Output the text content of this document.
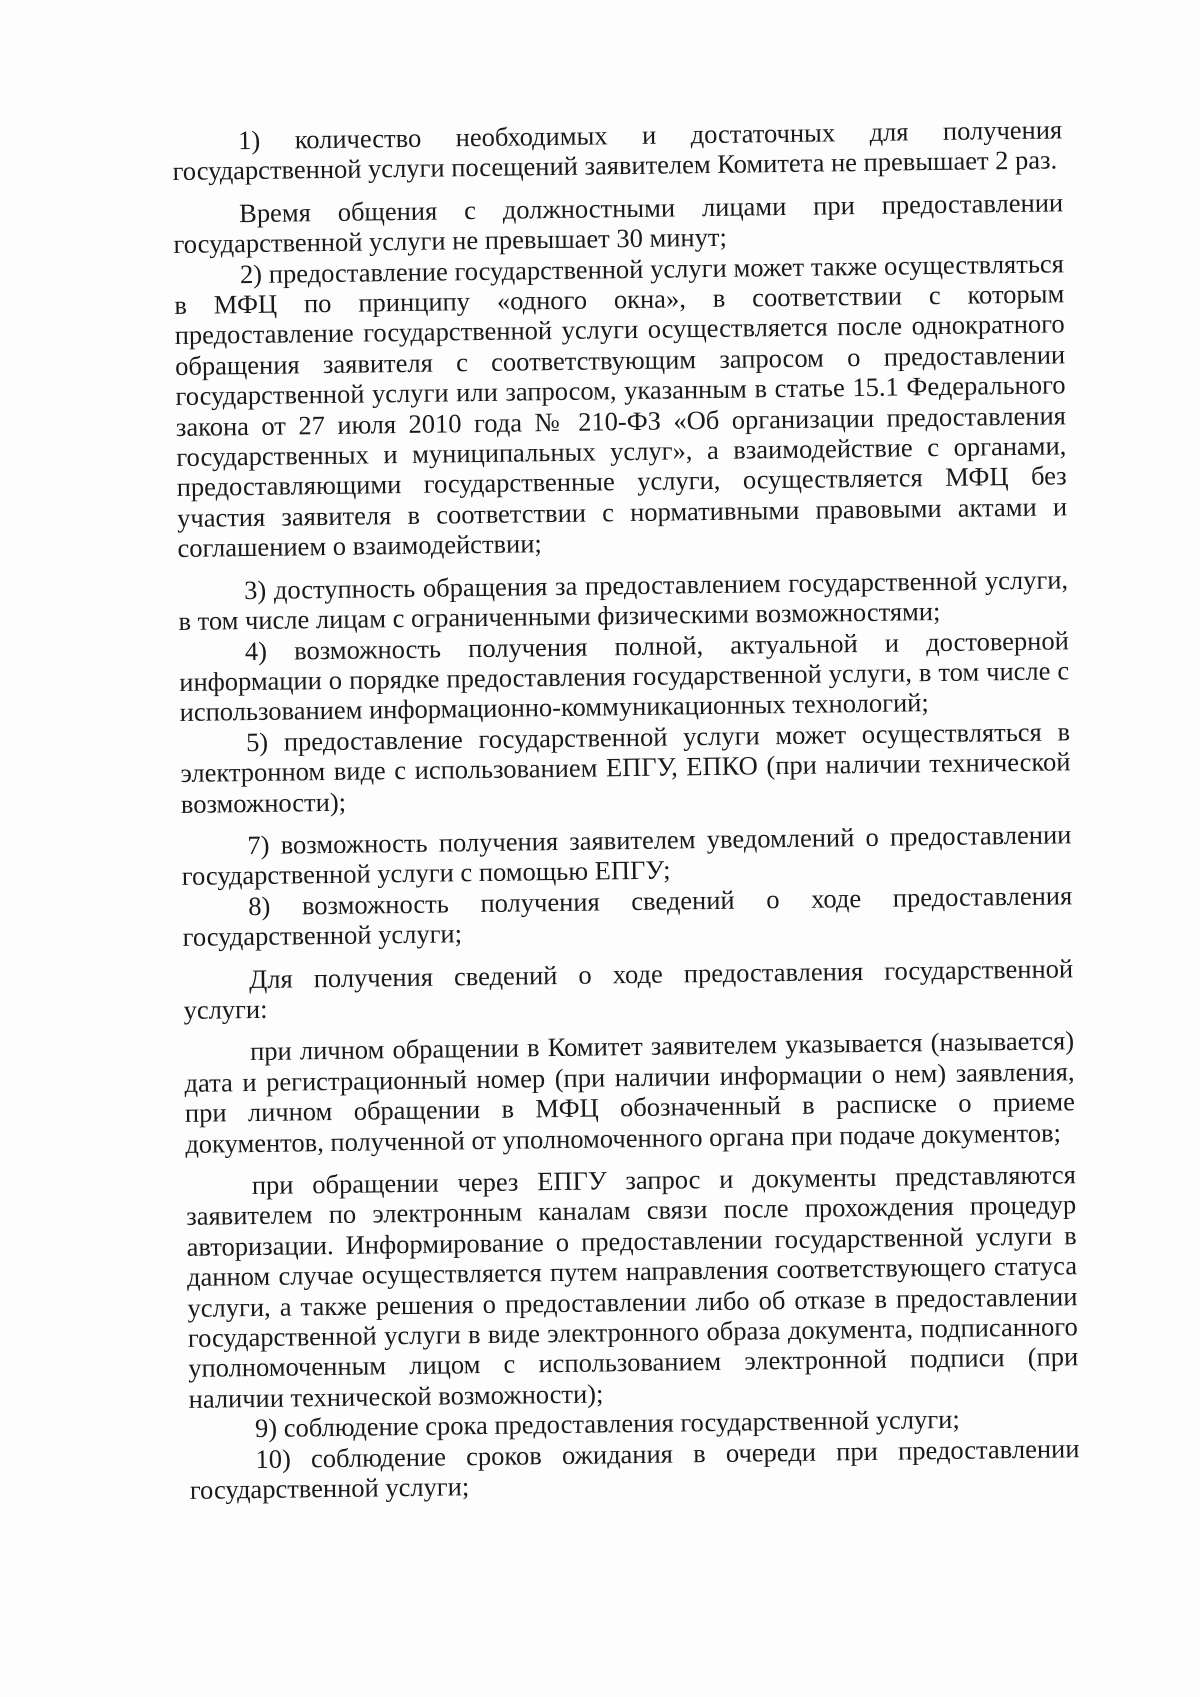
1) количество необходимых и достаточных для получения государственной услуги посещений заявителем Комитета не превышает 2 раз.

Время общения с должностными лицами при предоставлении государственной услуги не превышает 30 минут;

2) предоставление государственной услуги может также осуществляться в МФЦ по принципу «одного окна», в соответствии с которым предоставление государственной услуги осуществляется после однократного обращения заявителя с соответствующим запросом о предоставлении государственной услуги или запросом, указанным в статье 15.1 Федерального закона от 27 июля 2010 года № 210-ФЗ «Об организации предоставления государственных и муниципальных услуг», а взаимодействие с органами, предоставляющими государственные услуги, осуществляется МФЦ без участия заявителя в соответствии с нормативными правовыми актами и соглашением о взаимодействии;

3) доступность обращения за предоставлением государственной услуги, в том числе лицам с ограниченными физическими возможностями;

4) возможность получения полной, актуальной и достоверной информации о порядке предоставления государственной услуги, в том числе с использованием информационно-коммуникационных технологий;

5) предоставление государственной услуги может осуществляться в электронном виде с использованием ЕПГУ, ЕПКО (при наличии технической возможности);

7) возможность получения заявителем уведомлений о предоставлении государственной услуги с помощью ЕПГУ;

8) возможность получения сведений о ходе предоставления государственной услуги;

Для получения сведений о ходе предоставления государственной услуги:

при личном обращении в Комитет заявителем указывается (называется) дата и регистрационный номер (при наличии информации о нем) заявления, при личном обращении в МФЦ обозначенный в расписке о приеме документов, полученной от уполномоченного органа при подаче документов;

при обращении через ЕПГУ запрос и документы представляются заявителем по электронным каналам связи после прохождения процедур авторизации. Информирование о предоставлении государственной услуги в данном случае осуществляется путем направления соответствующего статуса услуги, а также решения о предоставлении либо об отказе в предоставлении государственной услуги в виде электронного образа документа, подписанного уполномоченным лицом с использованием электронной подписи (при наличии технической возможности);

9) соблюдение срока предоставления государственной услуги;

10) соблюдение сроков ожидания в очереди при предоставлении государственной услуги;
